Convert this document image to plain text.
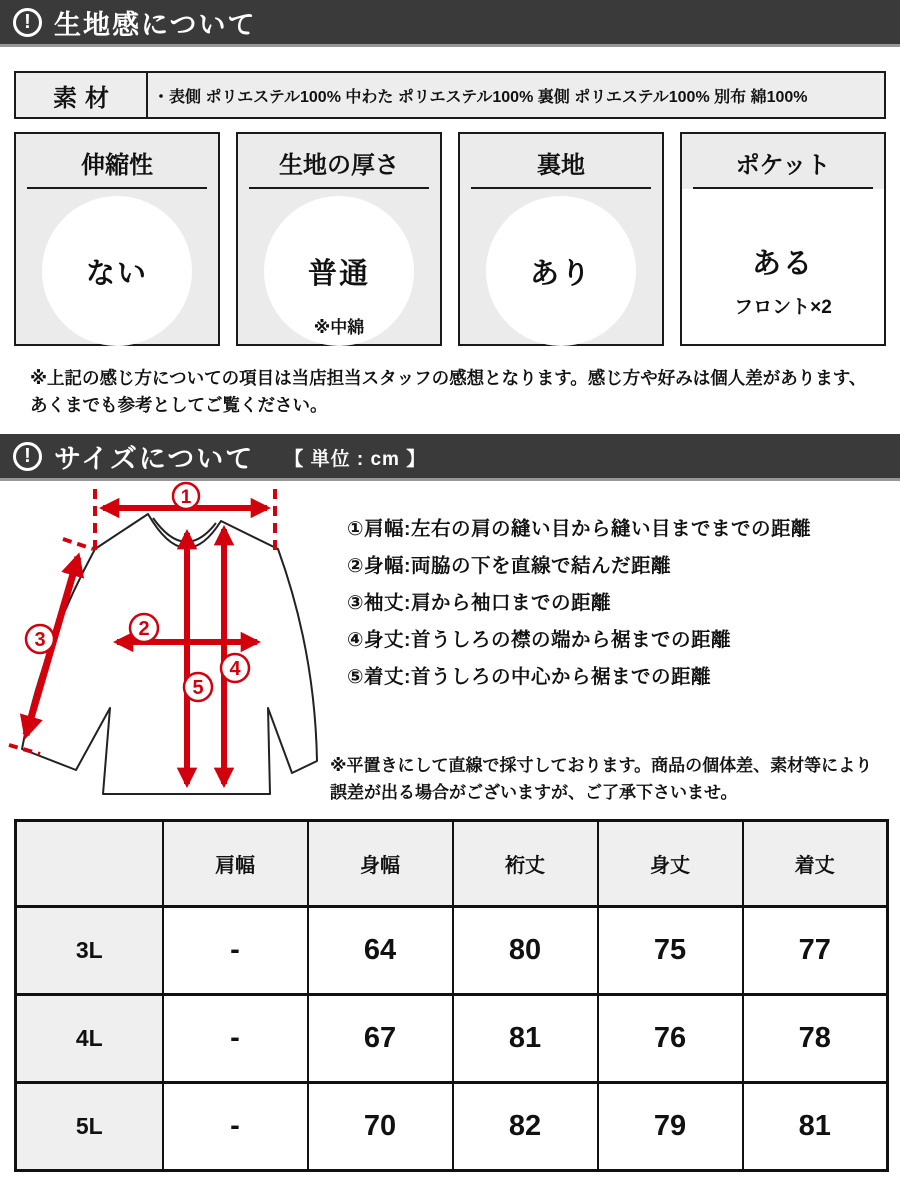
! 生地感について
素材	・表側 ポリエステル100% 中わた ポリエステル100% 裏側 ポリエステル100% 別布 綿100%
伸縮性
ない
生地の厚さ
普通
※中綿
裏地
あり
ポケット
ある
フロント×2
※上記の感じ方についての項目は当店担当スタッフの感想となります。感じ方や好みは個人差があります、
あくまでも参考としてご覧ください。
! サイズについて 【 単位 : cm 】
1
2
3
4
5
①肩幅:左右の肩の縫い目から縫い目までまでの距離
②身幅:両脇の下を直線で結んだ距離
③袖丈:肩から袖口までの距離
④身丈:首うしろの襟の端から裾までの距離
⑤着丈:首うしろの中心から裾までの距離
※平置きにして直線で採寸しております。商品の個体差、素材等により
誤差が出る場合がございますが、ご了承下さいませ。
	肩幅	身幅	裄丈	身丈	着丈
3L	-	64	80	75	77
4L	-	67	81	76	78
5L	-	70	82	79	81
